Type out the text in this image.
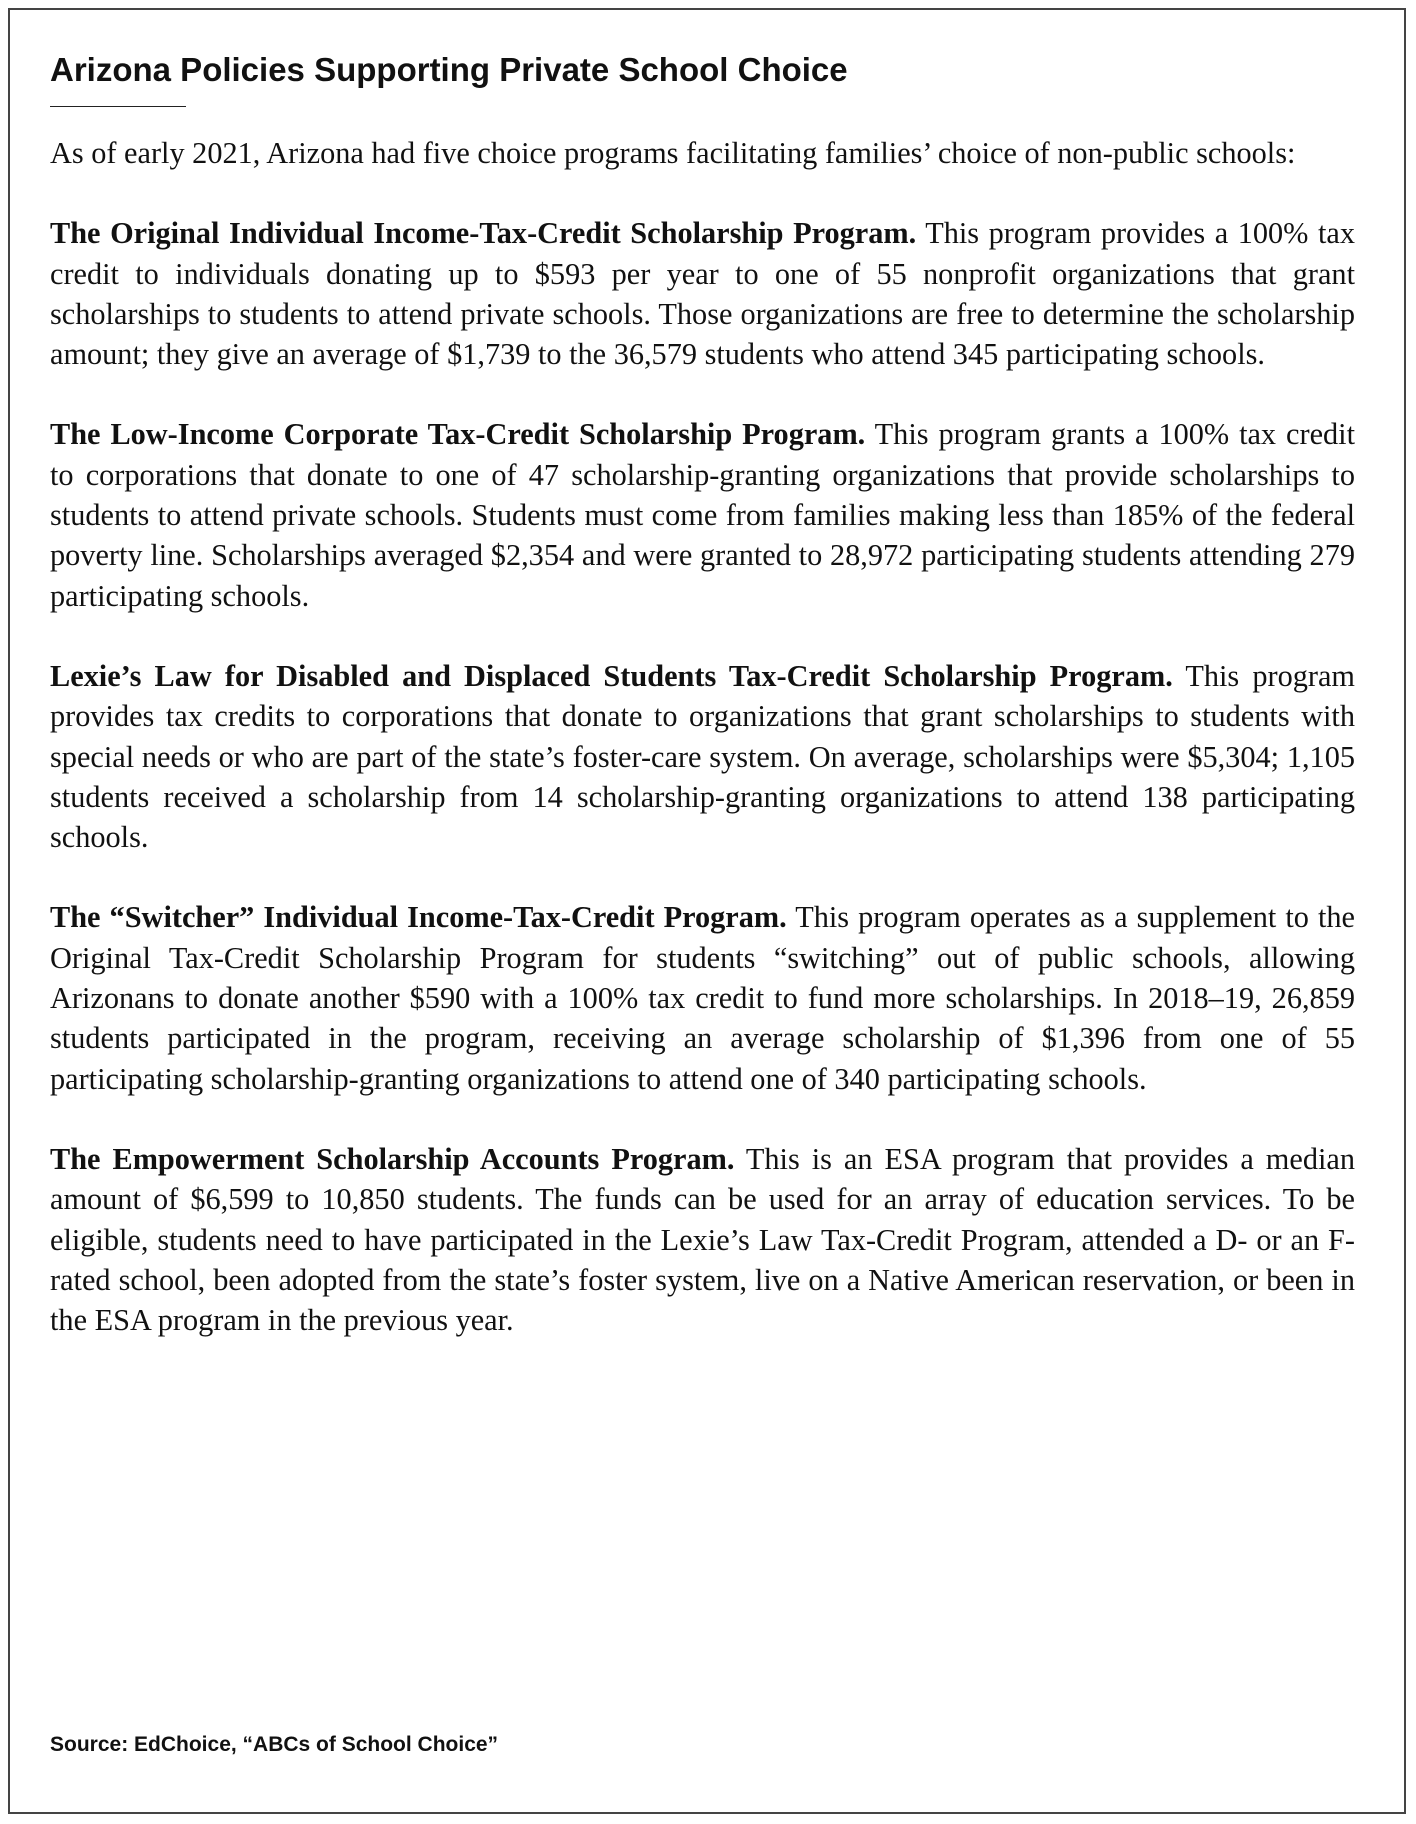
Arizona Policies Supporting Private School Choice

As of early 2021, Arizona had five choice programs facilitating families’ choice of non-public schools:

The Original Individual Income-Tax-Credit Scholarship Program. This program provides a 100% tax credit to individuals donating up to $593 per year to one of 55 nonprofit organizations that grant scholarships to students to attend private schools. Those organizations are free to determine the scholarship amount; they give an average of $1,739 to the 36,579 students who attend 345 participating schools.

The Low-Income Corporate Tax-Credit Scholarship Program. This program grants a 100% tax credit to corporations that donate to one of 47 scholarship-granting organizations that provide scholarships to students to attend private schools. Students must come from families making less than 185% of the federal poverty line. Scholarships averaged $2,354 and were granted to 28,972 participating students attending 279 participating schools.

Lexie’s Law for Disabled and Displaced Students Tax-Credit Scholarship Program. This program provides tax credits to corporations that donate to organizations that grant scholarships to students with special needs or who are part of the state’s foster-care system. On average, scholarships were $5,304; 1,105 students received a scholarship from 14 scholarship-granting organizations to attend 138 participating schools.

The “Switcher” Individual Income-Tax-Credit Program. This program operates as a supplement to the Original Tax-Credit Scholarship Program for students “switching” out of public schools, allowing Arizonans to donate another $590 with a 100% tax credit to fund more scholarships. In 2018–19, 26,859 students participated in the program, receiving an average scholarship of $1,396 from one of 55 participating scholarship-granting organizations to attend one of 340 participating schools.

The Empowerment Scholarship Accounts Program. This is an ESA program that provides a median amount of $6,599 to 10,850 students. The funds can be used for an array of education services. To be eligible, students need to have participated in the Lexie’s Law Tax-Credit Program, attended a D- or an F-rated school, been adopted from the state’s foster system, live on a Native American reservation, or been in the ESA program in the previous year.

Source: EdChoice, “ABCs of School Choice”
